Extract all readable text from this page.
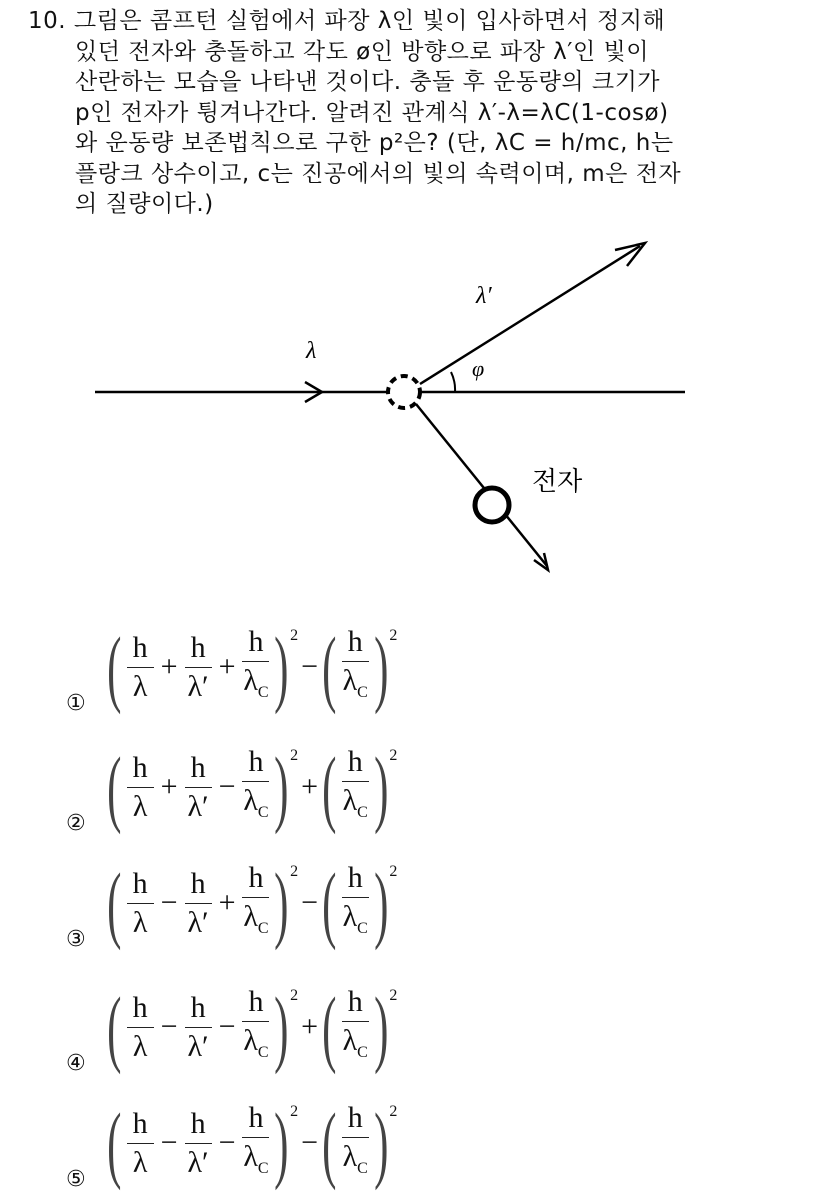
10. 그림은 콤프턴 실험에서 파장 λ인 빛이 입사하면서 정지해
있던 전자와 충돌하고 각도 ø인 방향으로 파장 λ′인 빛이
산란하는 모습을 나타낸 것이다. 충돌 후 운동량의 크기가
p인 전자가 튕겨나간다. 알려진 관계식 λ′-λ=λC(1-cosø)
와 운동량 보존법칙으로 구한 p²은? (단, λC = h/mc, h는
플랑크 상수이고, c는 진공에서의 빛의 속력이며, m은 전자
의 질량이다.)
λ
λ′
φ
전자
① ( $\frac{h}{\lambda} + \frac{h}{\lambda'} + \frac{h}{\lambda_C}$ ) 2
− ( $\frac{h}{\lambda_C}$ ) 2
② ( $\frac{h}{\lambda} + \frac{h}{\lambda'} - \frac{h}{\lambda_C}$ ) 2
+ ( $\frac{h}{\lambda_C}$ ) 2
③ ( $\frac{h}{\lambda} - \frac{h}{\lambda'} + \frac{h}{\lambda_C}$ ) 2
− ( $\frac{h}{\lambda_C}$ ) 2
④ ( $\frac{h}{\lambda} - \frac{h}{\lambda'} - \frac{h}{\lambda_C}$ ) 2
+ ( $\frac{h}{\lambda_C}$ ) 2
⑤ ( $\frac{h}{\lambda} - \frac{h}{\lambda'} - \frac{h}{\lambda_C}$ ) 2
− ( $\frac{h}{\lambda_C}$ ) 2
